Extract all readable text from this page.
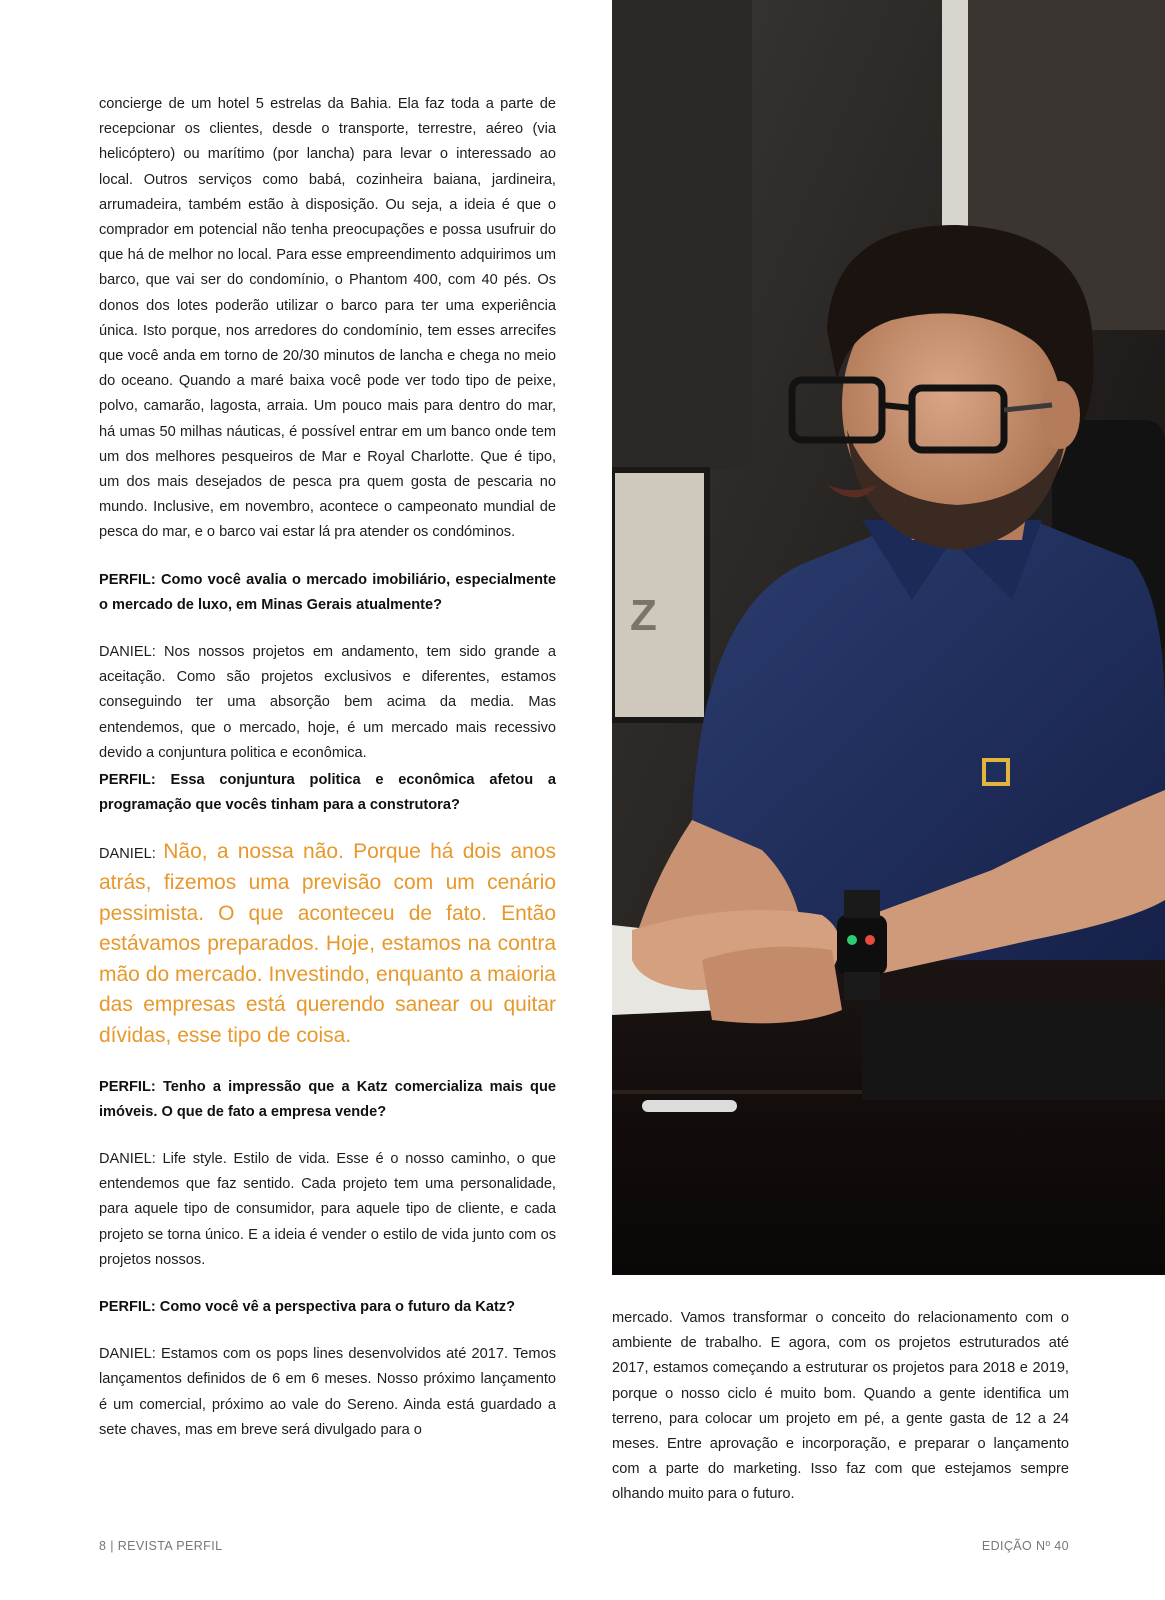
concierge de um hotel 5 estrelas da Bahia. Ela faz toda a parte de recepcionar os clientes, desde o transporte, terrestre, aéreo (via helicóptero) ou marítimo (por lancha) para levar o interessado ao local. Outros serviços como babá, cozinheira baiana, jardineira, arrumadeira, também estão à disposição. Ou seja, a ideia é que o comprador em potencial não tenha preocupações e possa usufruir do que há de melhor no local. Para esse empreendimento adquirimos um barco, que vai ser do condomínio, o Phantom 400, com 40 pés. Os donos dos lotes poderão utilizar o barco para ter uma experiência única. Isto porque, nos arredores do condomínio, tem esses arrecifes que você anda em torno de 20/30 minutos de lancha e chega no meio do oceano. Quando a maré baixa você pode ver todo tipo de peixe, polvo, camarão, lagosta, arraia. Um pouco mais para dentro do mar, há umas 50 milhas náuticas, é possível entrar em um banco onde tem um dos melhores pesqueiros de Mar e Royal Charlotte. Que é tipo, um dos mais desejados de pesca pra quem gosta de pescaria no mundo. Inclusive, em novembro, acontece o campeonato mundial de pesca do mar, e o barco vai estar lá pra atender os condóminos.

PERFIL: Como você avalia o mercado imobiliário, especialmente o mercado de luxo, em Minas Gerais atualmente?

DANIEL: Nos nossos projetos em andamento, tem sido grande a aceitação. Como são projetos exclusivos e diferentes, estamos conseguindo ter uma absorção bem acima da media. Mas entendemos, que o mercado, hoje, é um mercado mais recessivo devido a conjuntura politica e econômica.

PERFIL: Essa conjuntura politica e econômica afetou a programação que vocês tinham para a construtora?

DANIEL: Não, a nossa não. Porque há dois anos atrás, fizemos uma previsão com um cenário pessimista. O que aconteceu de fato. Então estávamos preparados. Hoje, estamos na contra mão do mercado. Investindo, enquanto a maioria das empresas está querendo sanear ou quitar dívidas, esse tipo de coisa.

PERFIL: Tenho a impressão que a Katz comercializa mais que imóveis. O que de fato a empresa vende?

DANIEL: Life style. Estilo de vida. Esse é o nosso caminho, o que entendemos que faz sentido. Cada projeto tem uma personalidade, para aquele tipo de consumidor, para aquele tipo de cliente, e cada projeto se torna único. E a ideia é vender o estilo de vida junto com os projetos nossos.

PERFIL: Como você vê a perspectiva para o futuro da Katz?

DANIEL: Estamos com os pops lines desenvolvidos até 2017. Temos lançamentos definidos de 6 em 6 meses. Nosso próximo lançamento é um comercial, próximo ao vale do Sereno. Ainda está guardado a sete chaves, mas em breve será divulgado para o

Z

mercado. Vamos transformar o conceito do relacionamento com o ambiente de trabalho. E agora, com os projetos estruturados até 2017, estamos começando a estruturar os projetos para 2018 e 2019, porque o nosso ciclo é muito bom. Quando a gente identifica um terreno, para colocar um projeto em pé, a gente gasta de 12 a 24 meses. Entre aprovação e incorporação, e preparar o lançamento com a parte do marketing. Isso faz com que estejamos sempre olhando muito para o futuro.

8 | REVISTA PERFIL	EDIÇÃO Nº 40
